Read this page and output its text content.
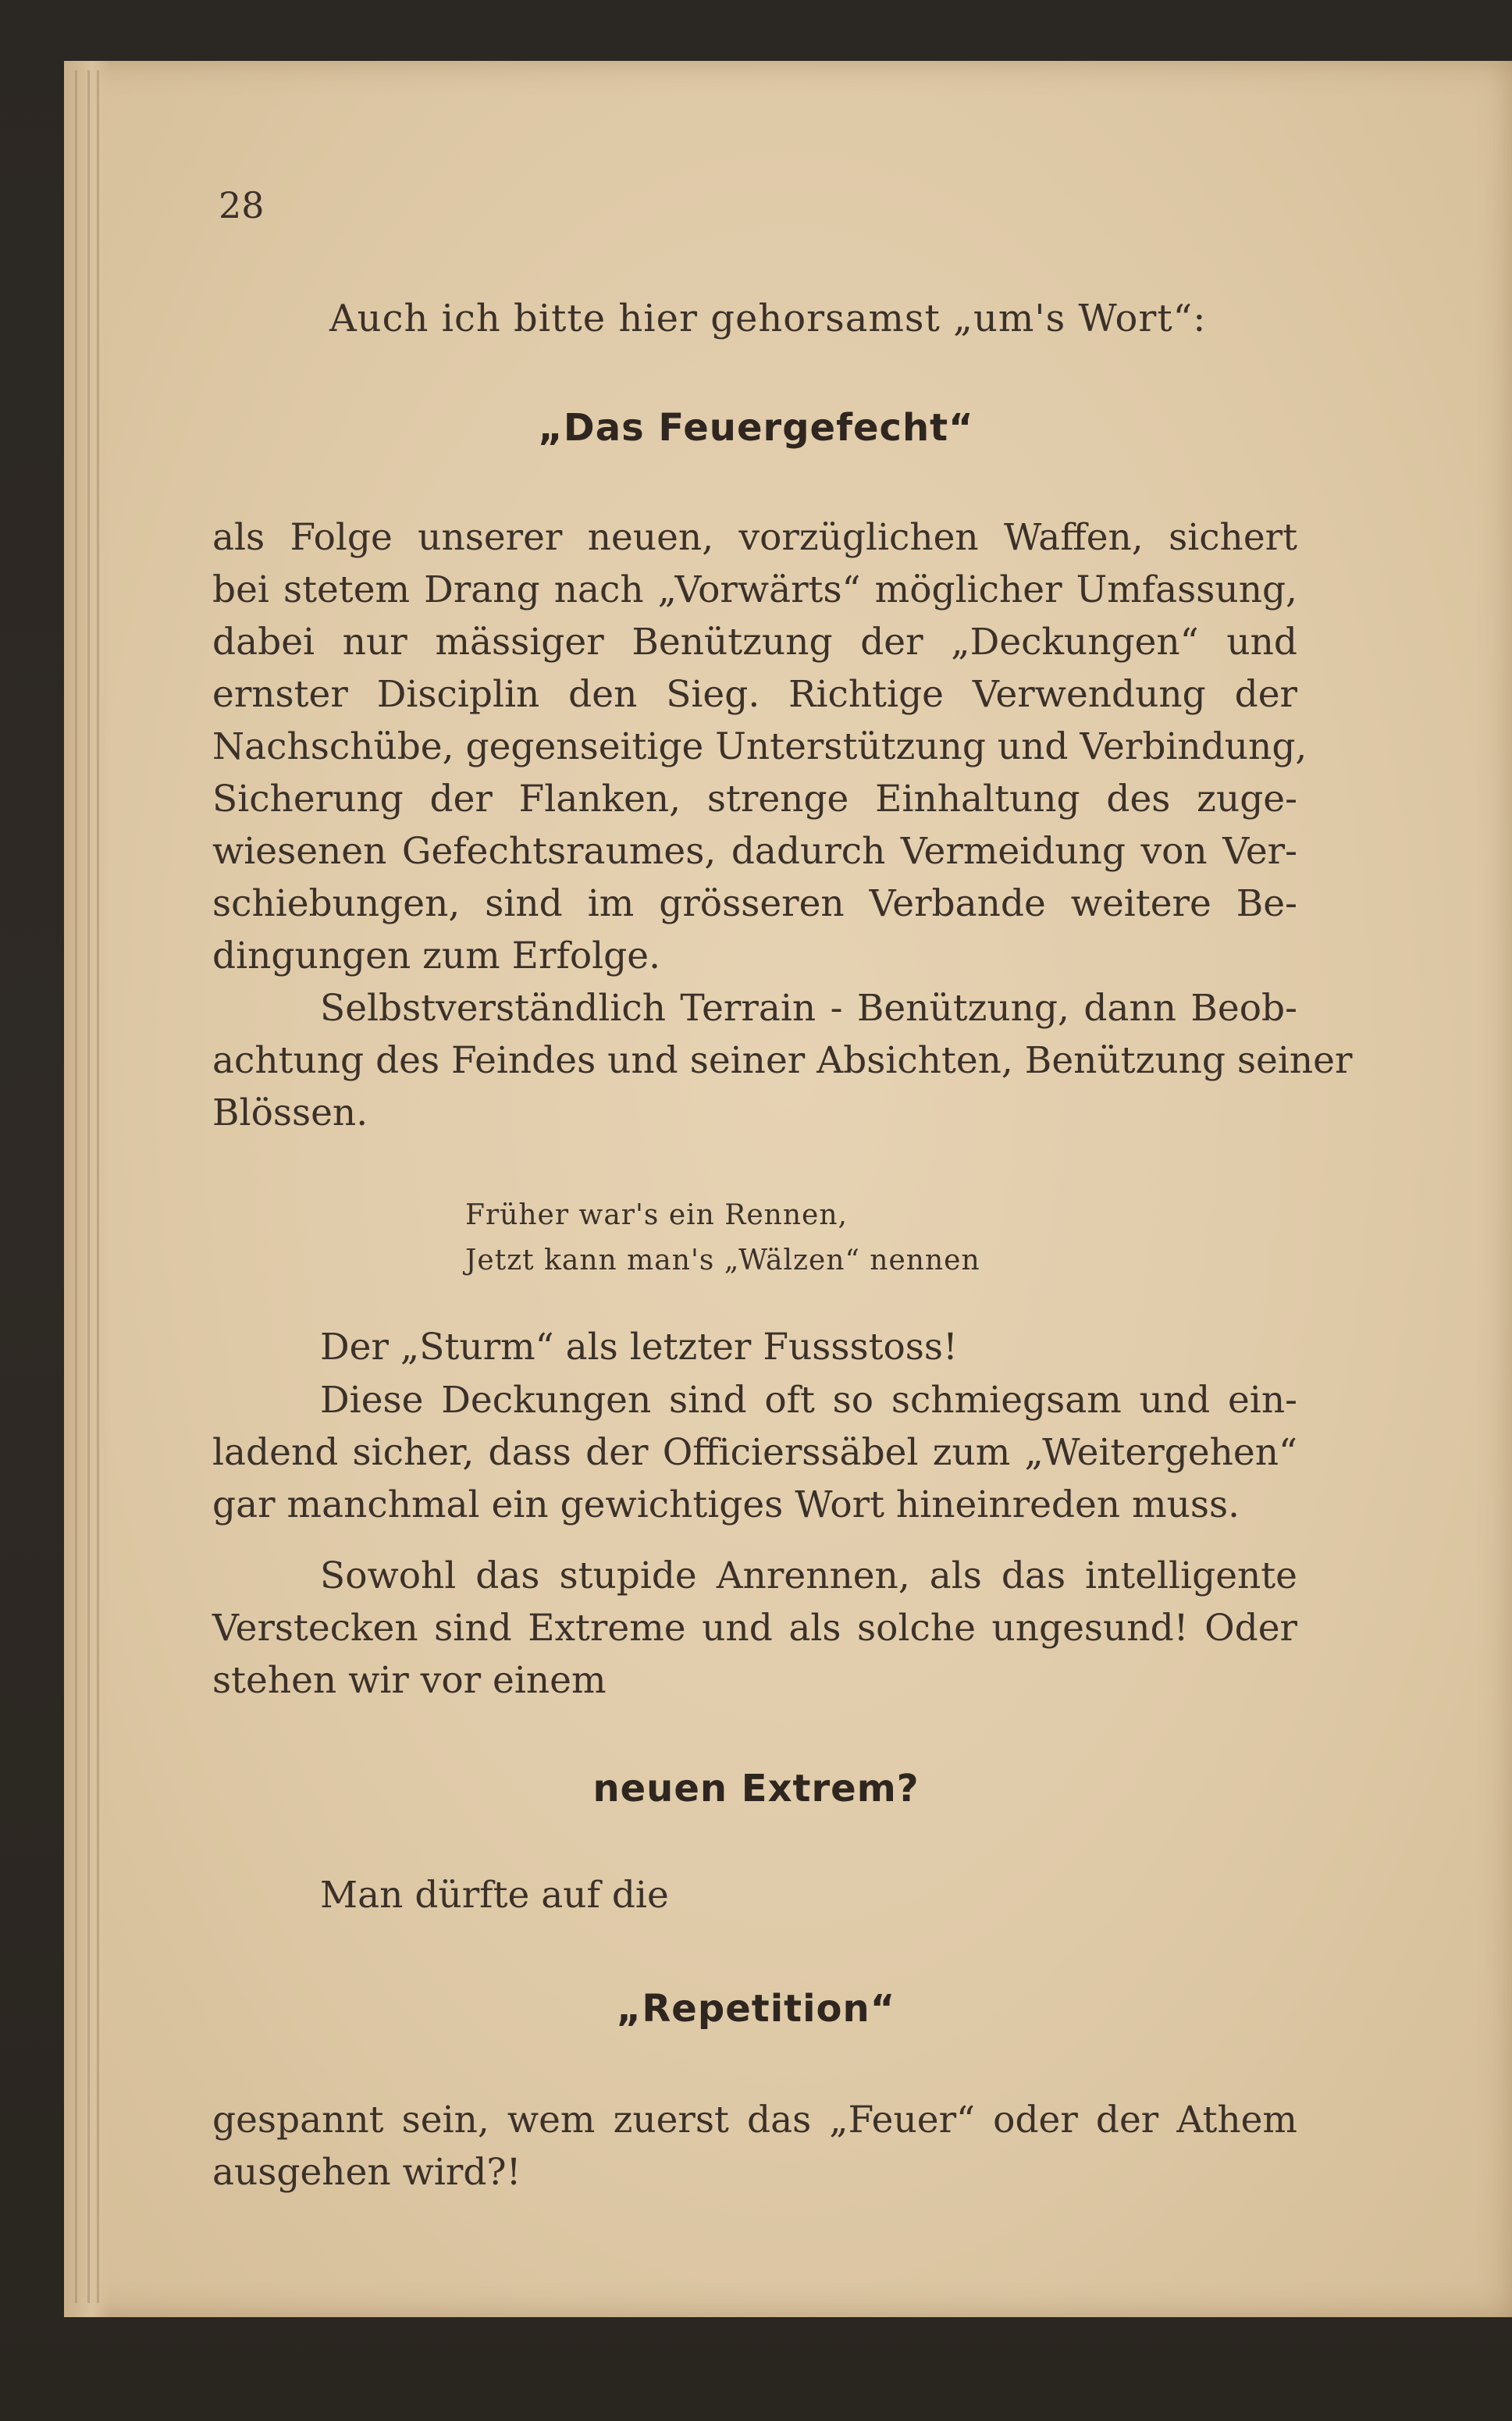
28
Auch ich bitte hier gehorsamst „um's Wort“:
„Das Feuergefecht“
als Folge unserer neuen, vorzüglichen Waffen, sichert
bei stetem Drang nach „Vorwärts“ möglicher Umfassung,
dabei nur mässiger Benützung der „Deckungen“ und
ernster Disciplin den Sieg. Richtige Verwendung der
Nachschübe, gegenseitige Unterstützung und Verbindung,
Sicherung der Flanken, strenge Einhaltung des zuge-
wiesenen Gefechtsraumes, dadurch Vermeidung von Ver-
schiebungen, sind im grösseren Verbande weitere Be-
dingungen zum Erfolge.
Selbstverständlich Terrain - Benützung, dann Beob-
achtung des Feindes und seiner Absichten, Benützung seiner
Blössen.
Früher war's ein Rennen,
Jetzt kann man's „Wälzen“ nennen
Der „Sturm“ als letzter Fussstoss!
Diese Deckungen sind oft so schmiegsam und ein-
ladend sicher, dass der Officierssäbel zum „Weitergehen“
gar manchmal ein gewichtiges Wort hineinreden muss.
Sowohl das stupide Anrennen, als das intelligente
Verstecken sind Extreme und als solche ungesund! Oder
stehen wir vor einem
neuen Extrem?
Man dürfte auf die
„Repetition“
gespannt sein, wem zuerst das „Feuer“ oder der Athem
ausgehen wird?!
